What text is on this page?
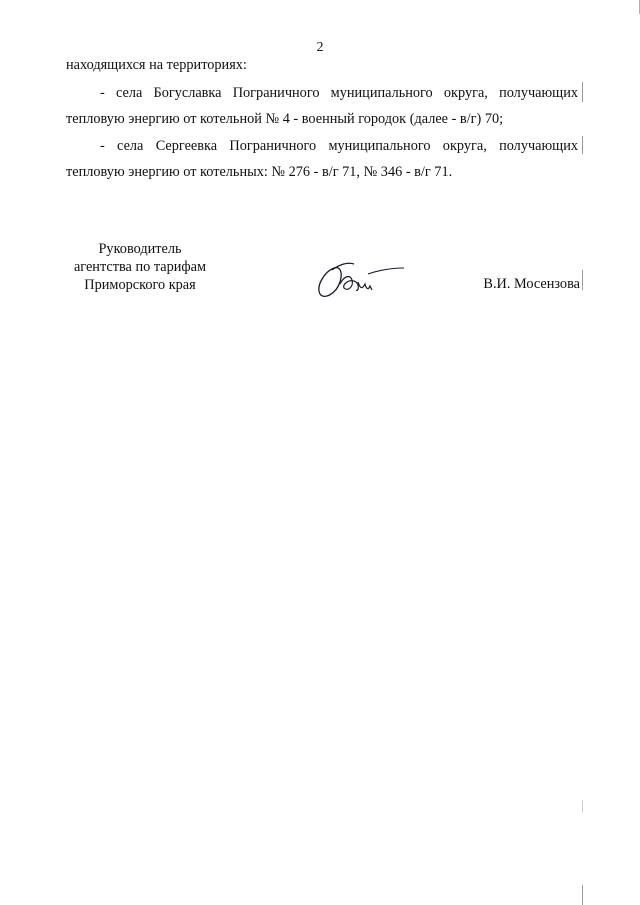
2
находящихся на территориях:
- села Богуславка Пограничного муниципального округа, получающих
тепловую энергию от котельной № 4 - военный городок (далее - в/г) 70;
- села Сергеевка Пограничного муниципального округа, получающих
тепловую энергию от котельных: № 276 - в/г 71, № 346 - в/г 71.
Руководитель
агентства по тарифам
Приморского края	В.И. Мосензова
